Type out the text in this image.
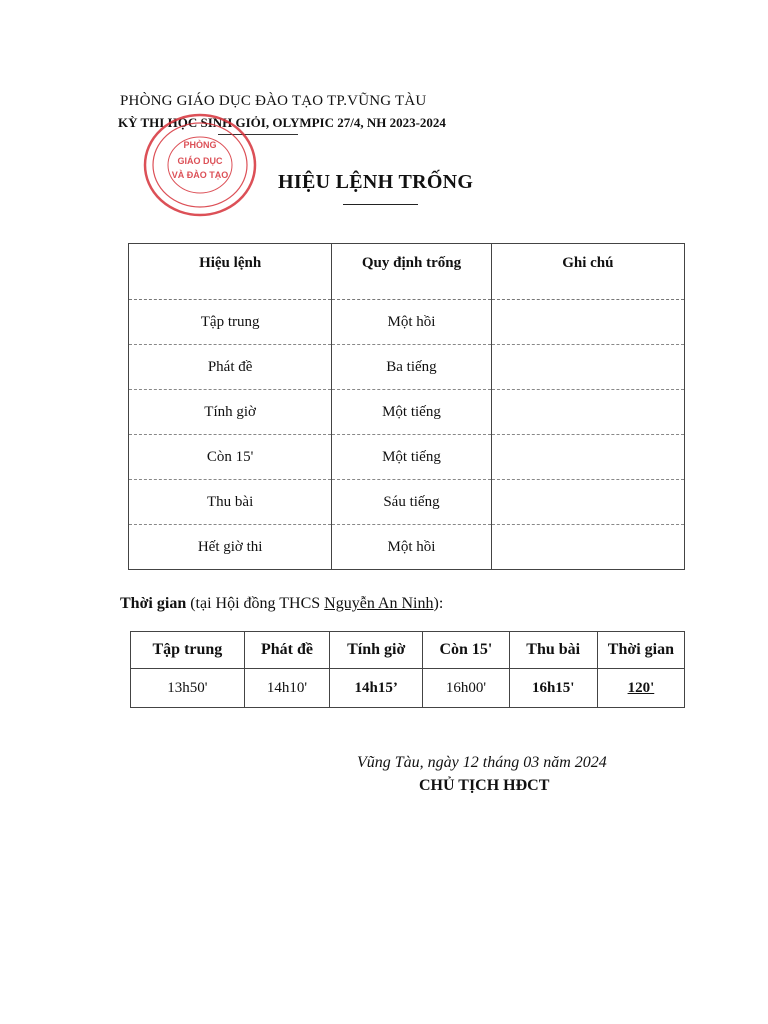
PHÒNG GIÁO DỤC ĐÀO TẠO TP.VŨNG TÀU
KỲ THI HỌC SINH GIỎI, OLYMPIC 27/4, NH 2023-2024
PHÒNG
GIÁO DỤC
VÀ ĐÀO TẠO HIỆU LỆNH TRỐNG
Hiệu lệnh	Quy định trống	Ghi chú
Tập trung	Một hồi	
Phát đề	Ba tiếng	
Tính giờ	Một tiếng	
Còn 15'	Một tiếng	
Thu bài	Sáu tiếng	
Hết giờ thi	Một hồi	
Thời gian (tại Hội đồng THCS Nguyễn An Ninh):
Tập trung	Phát đề	Tính giờ	Còn 15'	Thu bài	Thời gian
13h50'	14h10'	14h15’	16h00'	16h15'	120'
Vũng Tàu, ngày 12 tháng 03 năm 2024
CHỦ TỊCH HĐCT
